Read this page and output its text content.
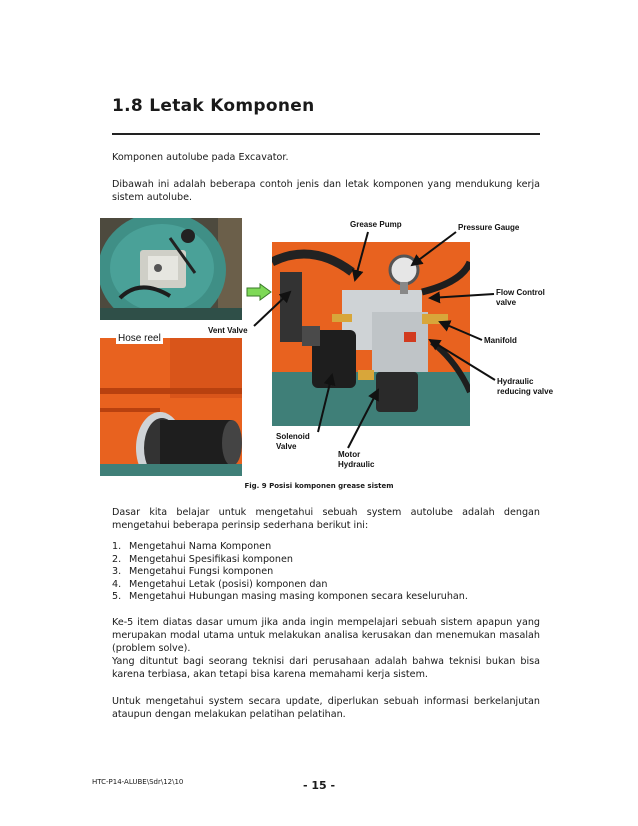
1.8 Letak Komponen
Komponen autolube pada Excavator.
Dibawah ini adalah beberapa contoh jenis dan letak komponen yang mendukung kerja sistem autolube.
Grease Pump	Pressure Gauge
Flow Control
valve
Vent Valve
Hose reel	Manifold
Hydraulic
reducing valve
Solenoid
Valve
Motor
Hydraulic
Fig. 9 Posisi komponen grease sistem
Dasar kita belajar untuk mengetahui sebuah system autolube adalah dengan mengetahui beberapa perinsip sederhana berikut ini:
1. Mengetahui Nama Komponen
2. Mengetahui Spesifikasi komponen
3. Mengetahui Fungsi komponen
4. Mengetahui Letak (posisi) komponen dan
5. Mengetahui Hubungan masing masing komponen secara keseluruhan.
Ke-5 item diatas dasar umum jika anda ingin mempelajari sebuah sistem apapun yang merupakan modal utama untuk melakukan analisa kerusakan dan menemukan masalah (problem solve).
Yang dituntut bagi seorang teknisi dari perusahaan adalah bahwa teknisi bukan bisa karena terbiasa, akan tetapi bisa karena memahami kerja sistem.
Untuk mengetahui system secara update, diperlukan sebuah informasi berkelanjutan ataupun dengan melakukan pelatihan pelatihan.
HTC-P14-ALUBE\Sdr\12\10	- 15 -
